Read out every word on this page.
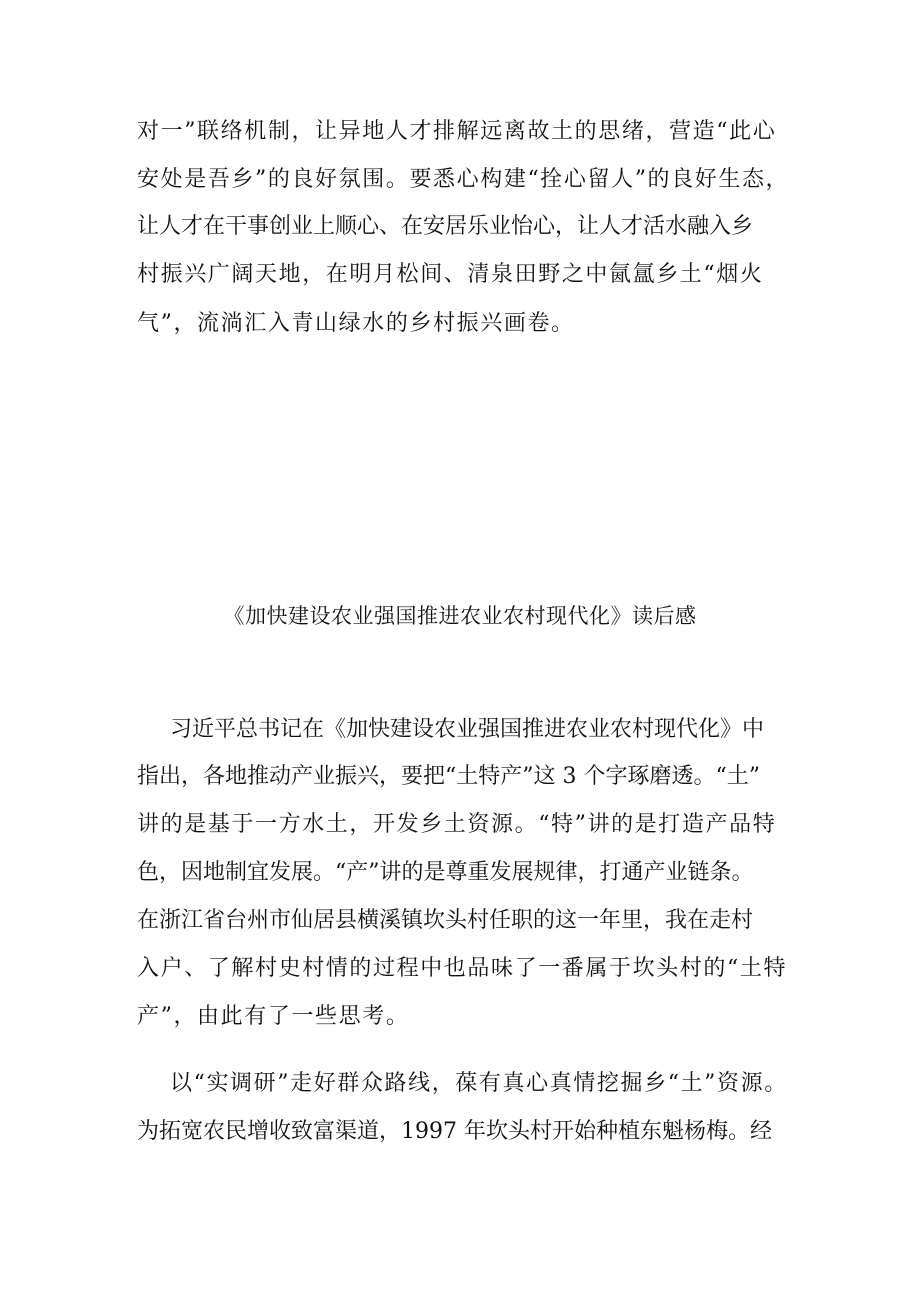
对一”联络机制，让异地人才排解远离故土的思绪，营造“此心
安处是吾乡”的良好氛围。要悉心构建“拴心留人”的良好生态，
让人才在干事创业上顺心、在安居乐业怡心，让人才活水融入乡
村振兴广阔天地，在明月松间、清泉田野之中氤氲乡土“烟火
气”，流淌汇入青山绿水的乡村振兴画卷。
《加快建设农业强国推进农业农村现代化》读后感
习近平总书记在《加快建设农业强国推进农业农村现代化》中
指出，各地推动产业振兴，要把“土特产”这 3 个字琢磨透。“土”
讲的是基于一方水土，开发乡土资源。“特”讲的是打造产品特
色，因地制宜发展。“产”讲的是尊重发展规律，打通产业链条。
在浙江省台州市仙居县横溪镇坎头村任职的这一年里，我在走村
入户、了解村史村情的过程中也品味了一番属于坎头村的“土特
产”，由此有了一些思考。
以“实调研”走好群众路线，葆有真心真情挖掘乡“土”资源。
为拓宽农民增收致富渠道，1997 年坎头村开始种植东魁杨梅。经
